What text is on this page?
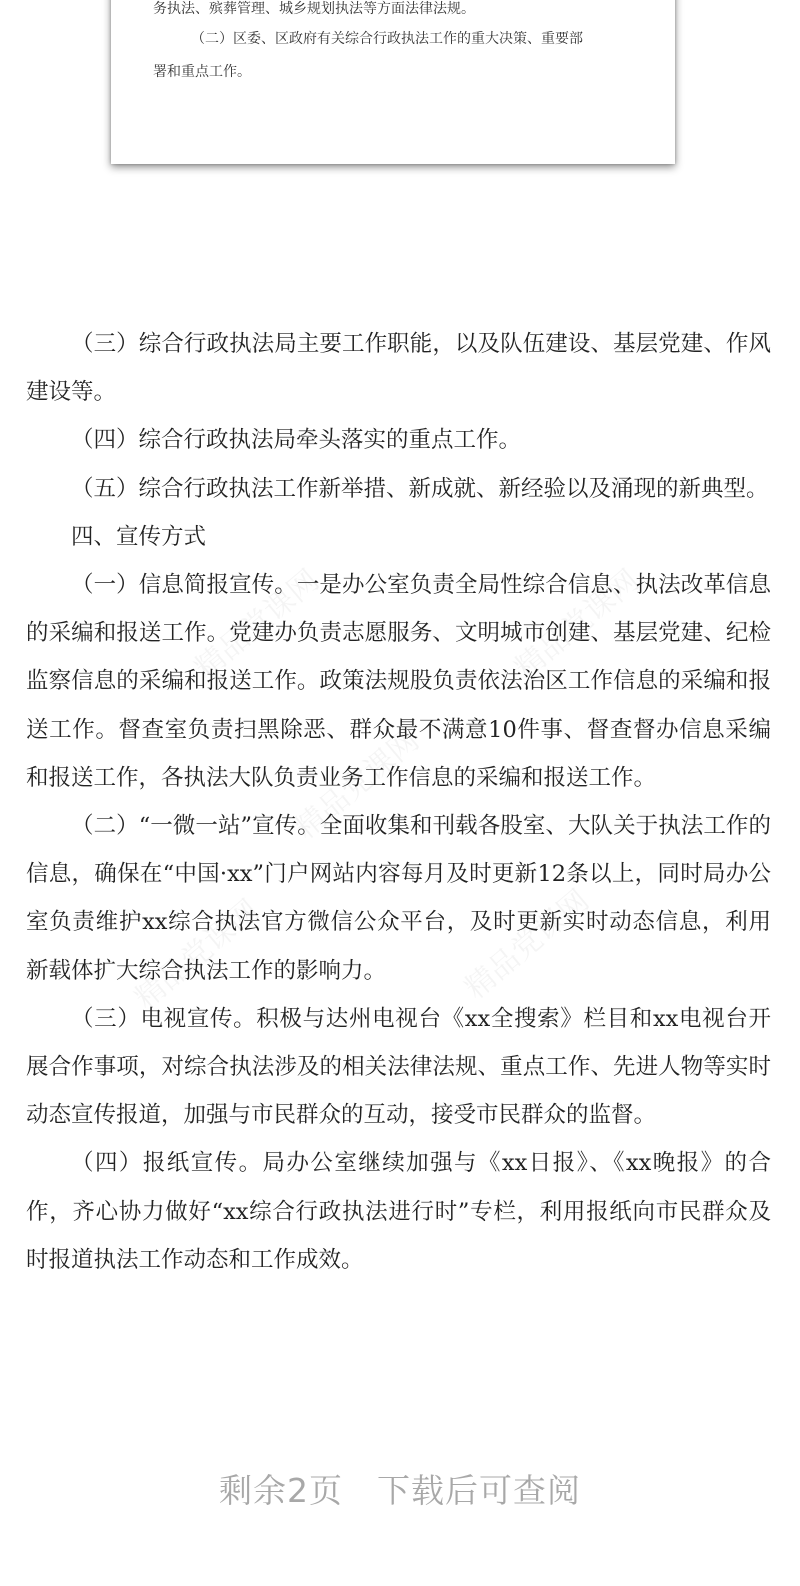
务执法、殡葬管理、城乡规划执法等方面法律法规。
（二）区委、区政府有关综合行政执法工作的重大决策、重要部
署和重点工作。

（三）综合行政执法局主要工作职能，以及队伍建设、基层党建、作风建设等。

（四）综合行政执法局牵头落实的重点工作。

（五）综合行政执法工作新举措、新成就、新经验以及涌现的新典型。

四、宣传方式

（一）信息简报宣传。一是办公室负责全局性综合信息、执法改革信息的采编和报送工作。党建办负责志愿服务、文明城市创建、基层党建、纪检监察信息的采编和报送工作。政策法规股负责依法治区工作信息的采编和报送工作。督查室负责扫黑除恶、群众最不满意10件事、督查督办信息采编和报送工作，各执法大队负责业务工作信息的采编和报送工作。

（二）“一微一站”宣传。全面收集和刊载各股室、大队关于执法工作的信息，确保在“中国·xx”门户网站内容每月及时更新12条以上，同时局办公室负责维护xx综合执法官方微信公众平台，及时更新实时动态信息，利用新载体扩大综合执法工作的影响力。

（三）电视宣传。积极与达州电视台《xx全搜索》栏目和xx电视台开展合作事项，对综合执法涉及的相关法律法规、重点工作、先进人物等实时动态宣传报道，加强与市民群众的互动，接受市民群众的监督。

（四）报纸宣传。局办公室继续加强与《xx日报》、《xx晚报》的合作，齐心协力做好“xx综合行政执法进行时”专栏，利用报纸向市民群众及时报道执法工作动态和工作成效。

剩余2页 下载后可查阅
